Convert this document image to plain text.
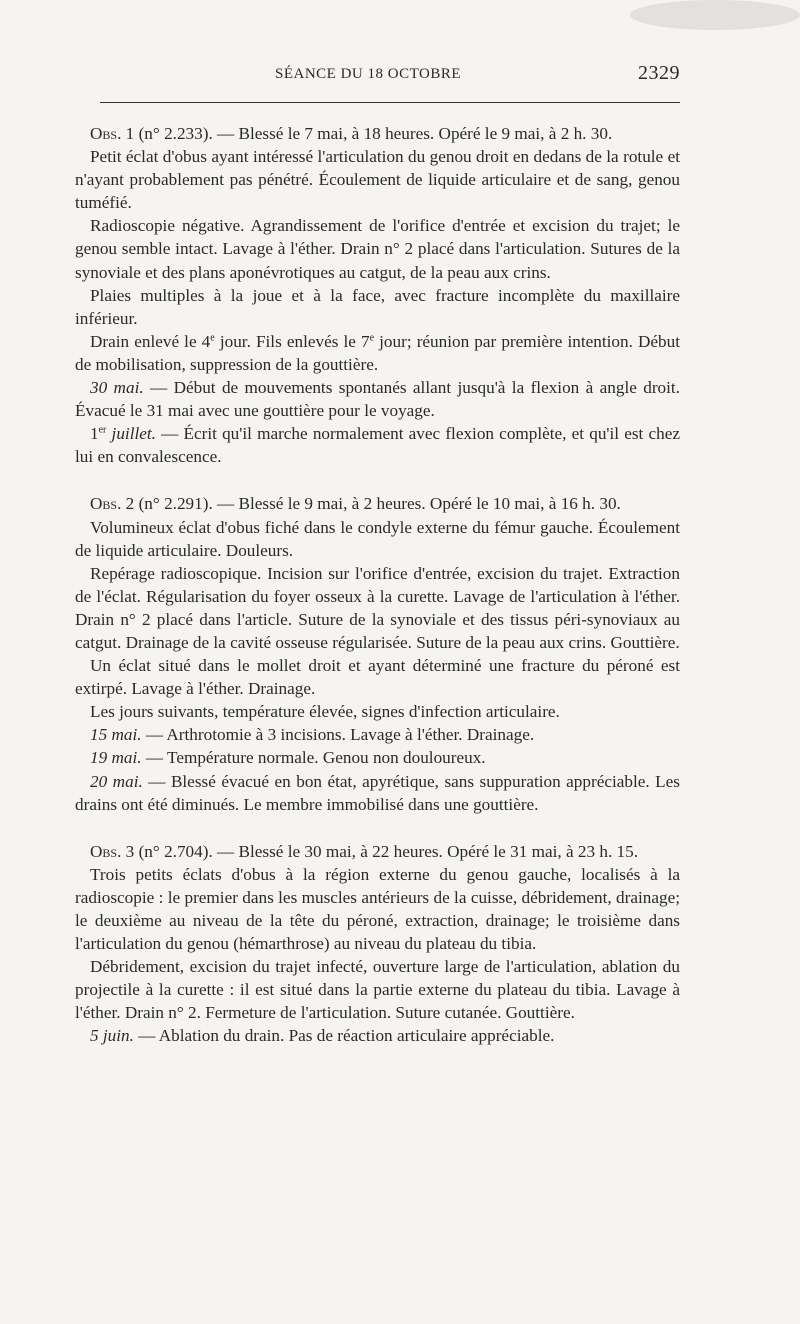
SÉANCE DU 18 OCTOBRE	2329

Obs. 1 (n° 2.233). — Blessé le 7 mai, à 18 heures. Opéré le 9 mai, à 2 h. 30.

Petit éclat d'obus ayant intéressé l'articulation du genou droit en dedans de la rotule et n'ayant probablement pas pénétré. Écoulement de liquide articulaire et de sang, genou tuméfié.

Radioscopie négative. Agrandissement de l'orifice d'entrée et excision du trajet; le genou semble intact. Lavage à l'éther. Drain n° 2 placé dans l'articulation. Sutures de la synoviale et des plans aponévrotiques au catgut, de la peau aux crins.

Plaies multiples à la joue et à la face, avec fracture incomplète du maxillaire inférieur.

Drain enlevé le 4e jour. Fils enlevés le 7e jour; réunion par première intention. Début de mobilisation, suppression de la gouttière.

30 mai. — Début de mouvements spontanés allant jusqu'à la flexion à angle droit. Évacué le 31 mai avec une gouttière pour le voyage.

1er juillet. — Écrit qu'il marche normalement avec flexion complète, et qu'il est chez lui en convalescence.

Obs. 2 (n° 2.291). — Blessé le 9 mai, à 2 heures. Opéré le 10 mai, à 16 h. 30.

Volumineux éclat d'obus fiché dans le condyle externe du fémur gauche. Écoulement de liquide articulaire. Douleurs.

Repérage radioscopique. Incision sur l'orifice d'entrée, excision du trajet. Extraction de l'éclat. Régularisation du foyer osseux à la curette. Lavage de l'articulation à l'éther. Drain n° 2 placé dans l'article. Suture de la synoviale et des tissus péri-synoviaux au catgut. Drainage de la cavité osseuse régularisée. Suture de la peau aux crins. Gouttière.

Un éclat situé dans le mollet droit et ayant déterminé une fracture du péroné est extirpé. Lavage à l'éther. Drainage.

Les jours suivants, température élevée, signes d'infection articulaire.

15 mai. — Arthrotomie à 3 incisions. Lavage à l'éther. Drainage.

19 mai. — Température normale. Genou non douloureux.

20 mai. — Blessé évacué en bon état, apyrétique, sans suppuration appréciable. Les drains ont été diminués. Le membre immobilisé dans une gouttière.

Obs. 3 (n° 2.704). — Blessé le 30 mai, à 22 heures. Opéré le 31 mai, à 23 h. 15.

Trois petits éclats d'obus à la région externe du genou gauche, localisés à la radioscopie : le premier dans les muscles antérieurs de la cuisse, débridement, drainage; le deuxième au niveau de la tête du péroné, extraction, drainage; le troisième dans l'articulation du genou (hémarthrose) au niveau du plateau du tibia.

Débridement, excision du trajet infecté, ouverture large de l'articulation, ablation du projectile à la curette : il est situé dans la partie externe du plateau du tibia. Lavage à l'éther. Drain n° 2. Fermeture de l'articulation. Suture cutanée. Gouttière.

5 juin. — Ablation du drain. Pas de réaction articulaire appréciable.
